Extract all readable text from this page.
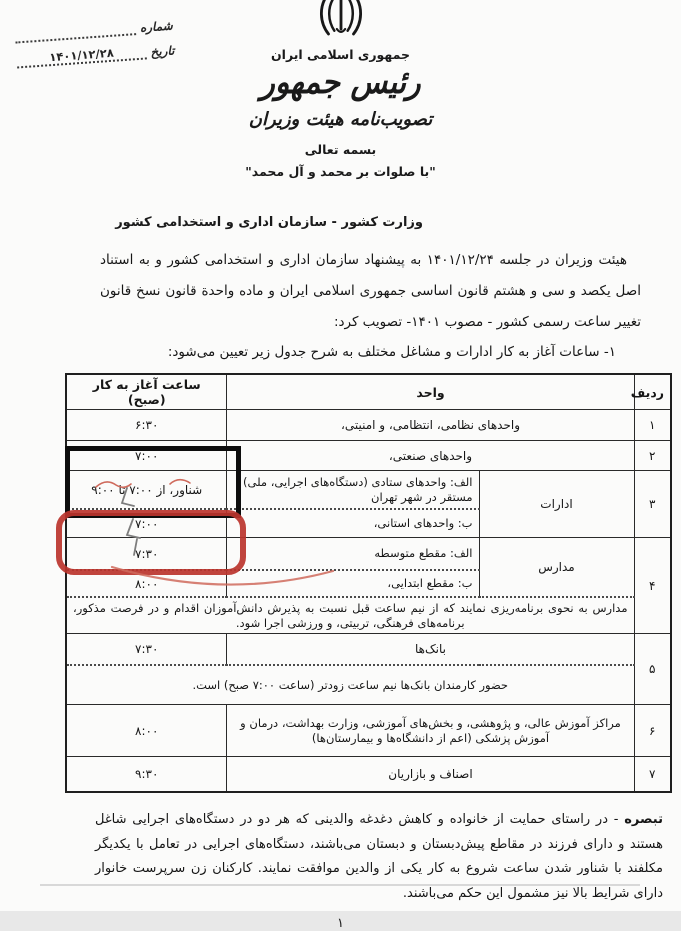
شماره
تاریخ
۱۴۰۱/۱۲/۲۸	جمهوری اسلامی ایران
رئیس جمهور
تصویب‌نامه هیئت وزیران
بسمه تعالی
"با صلوات بر محمد و آل محمد"
وزارت کشور - سازمان اداری و استخدامی کشور

هیئت وزیران در جلسه ۱۴۰۱/۱۲/۲۴ به پیشنهاد سازمان اداری و استخدامی کشور و به استناد اصل یکصد و سی و هشتم قانون اساسی جمهوری اسلامی ایران و ماده واحدة قانون نسخ قانون تغییر ساعت رسمی کشور - مصوب ۱۴۰۱- تصویب کرد:

۱- ساعات آغاز به کار ادارات و مشاغل مختلف به شرح جدول زیر تعیین می‌شود:
ردیف	واحد		ساعت آغاز به کار (صبح)
۱	واحدهای نظامی، انتظامی، و امنیتی،		۶:۳۰
۲	واحدهای صنعتی،		۷:۰۰
۳	ادارات	الف: واحدهای ستادی (دستگاه‌های اجرایی، ملی) مستقر در شهر تهران	شناور، از ۷:۰۰ تا ۹:۰۰
		ب: واحدهای استانی،	۷:۰۰
۴	مدارس	الف: مقطع متوسطه	۷:۳۰
		ب: مقطع ابتدایی،	۸:۰۰
	مدارس به نحوی برنامه‌ریزی نمایند که از نیم ساعت قبل نسبت به پذیرش دانش‌آموزان اقدام و در فرصت مذکور، برنامه‌های فرهنگی، تربیتی، و ورزشی اجرا شود.		
۵	بانک‌ها		۷:۳۰
	حضور کارمندان بانک‌ها نیم ساعت زودتر (ساعت ۷:۰۰ صبح) است.		
۶	مراکز آموزش عالی، و پژوهشی، و بخش‌های آموزشی، وزارت بهداشت، درمان و آموزش پزشکی (اعم از دانشگاه‌ها و بیمارستان‌ها)		۸:۰۰
۷	اصناف و بازاریان		۹:۳۰

تبصره - در راستای حمایت از خانواده و کاهش دغدغه والدینی که هر دو در دستگاه‌های اجرایی شاغل هستند و دارای فرزند در مقاطع پیش‌دبستان و دبستان می‌باشند، دستگاه‌های اجرایی در تعامل با یکدیگر مکلفند با شناور شدن ساعت شروع به کار یکی از والدین موافقت نمایند. کارکنان زن سرپرست خانوار دارای شرایط بالا نیز مشمول این حکم می‌باشند.

۱
